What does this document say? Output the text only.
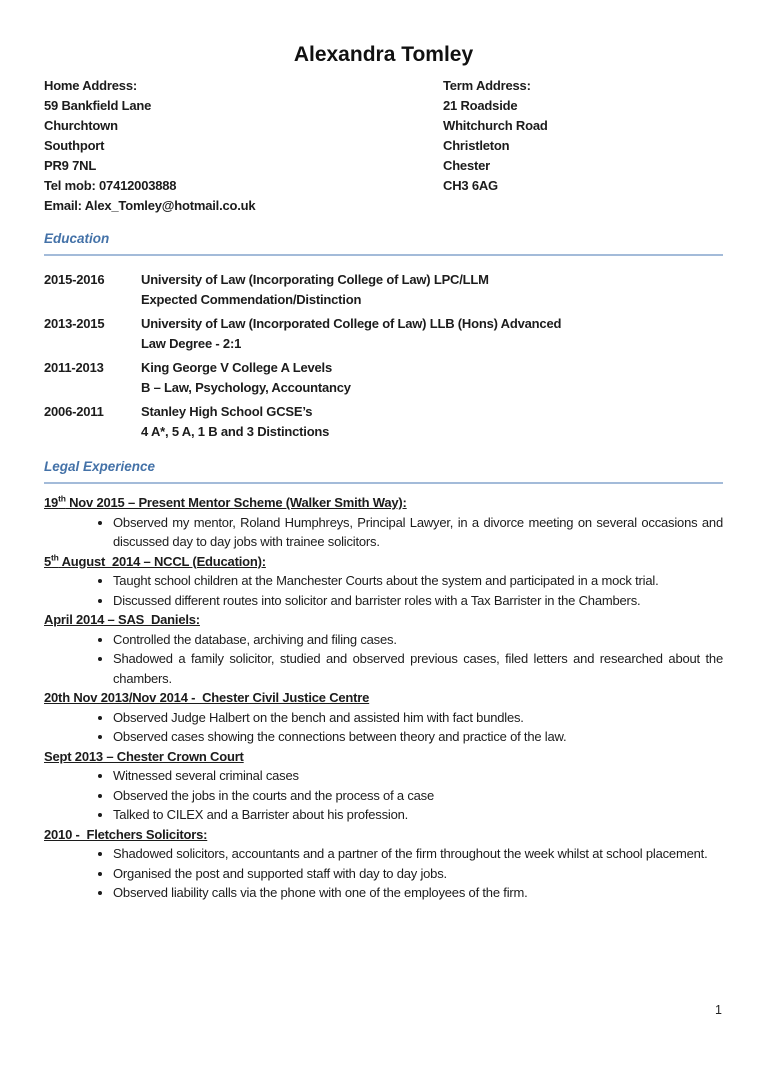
Alexandra Tomley
Home Address:
59 Bankfield Lane
Churchtown
Southport
PR9 7NL
Tel mob: 07412003888
Email: Alex_Tomley@hotmail.co.uk
Term Address:
21 Roadside
Whitchurch Road
Christleton
Chester
CH3 6AG
Education
2015-2016	University of Law (Incorporating College of Law) LPC/LLM
Expected Commendation/Distinction
2013-2015	University of Law (Incorporated College of Law) LLB (Hons) Advanced
Law Degree - 2:1
2011-2013	King George V College A Levels
B – Law, Psychology, Accountancy
2006-2011	Stanley High School GCSE’s
4 A*, 5 A, 1 B and 3 Distinctions
Legal Experience
19th Nov 2015 – Present Mentor Scheme (Walker Smith Way):
• Observed my mentor, Roland Humphreys, Principal Lawyer, in a divorce meeting on several occasions and discussed day to day jobs with trainee solicitors.
5th August  2014 – NCCL (Education):
• Taught school children at the Manchester Courts about the system and participated in a mock trial.
• Discussed different routes into solicitor and barrister roles with a Tax Barrister in the Chambers.
April 2014 – SAS  Daniels:
• Controlled the database, archiving and filing cases.
• Shadowed a family solicitor, studied and observed previous cases, filed letters and researched about the chambers.
20th Nov 2013/Nov 2014 -  Chester Civil Justice Centre
• Observed Judge Halbert on the bench and assisted him with fact bundles.
• Observed cases showing the connections between theory and practice of the law.
Sept 2013 – Chester Crown Court
• Witnessed several criminal cases
• Observed the jobs in the courts and the process of a case
• Talked to CILEX and a Barrister about his profession.
2010 -  Fletchers Solicitors:
• Shadowed solicitors, accountants and a partner of the firm throughout the week whilst at school placement.
• Organised the post and supported staff with day to day jobs.
• Observed liability calls via the phone with one of the employees of the firm.
1
